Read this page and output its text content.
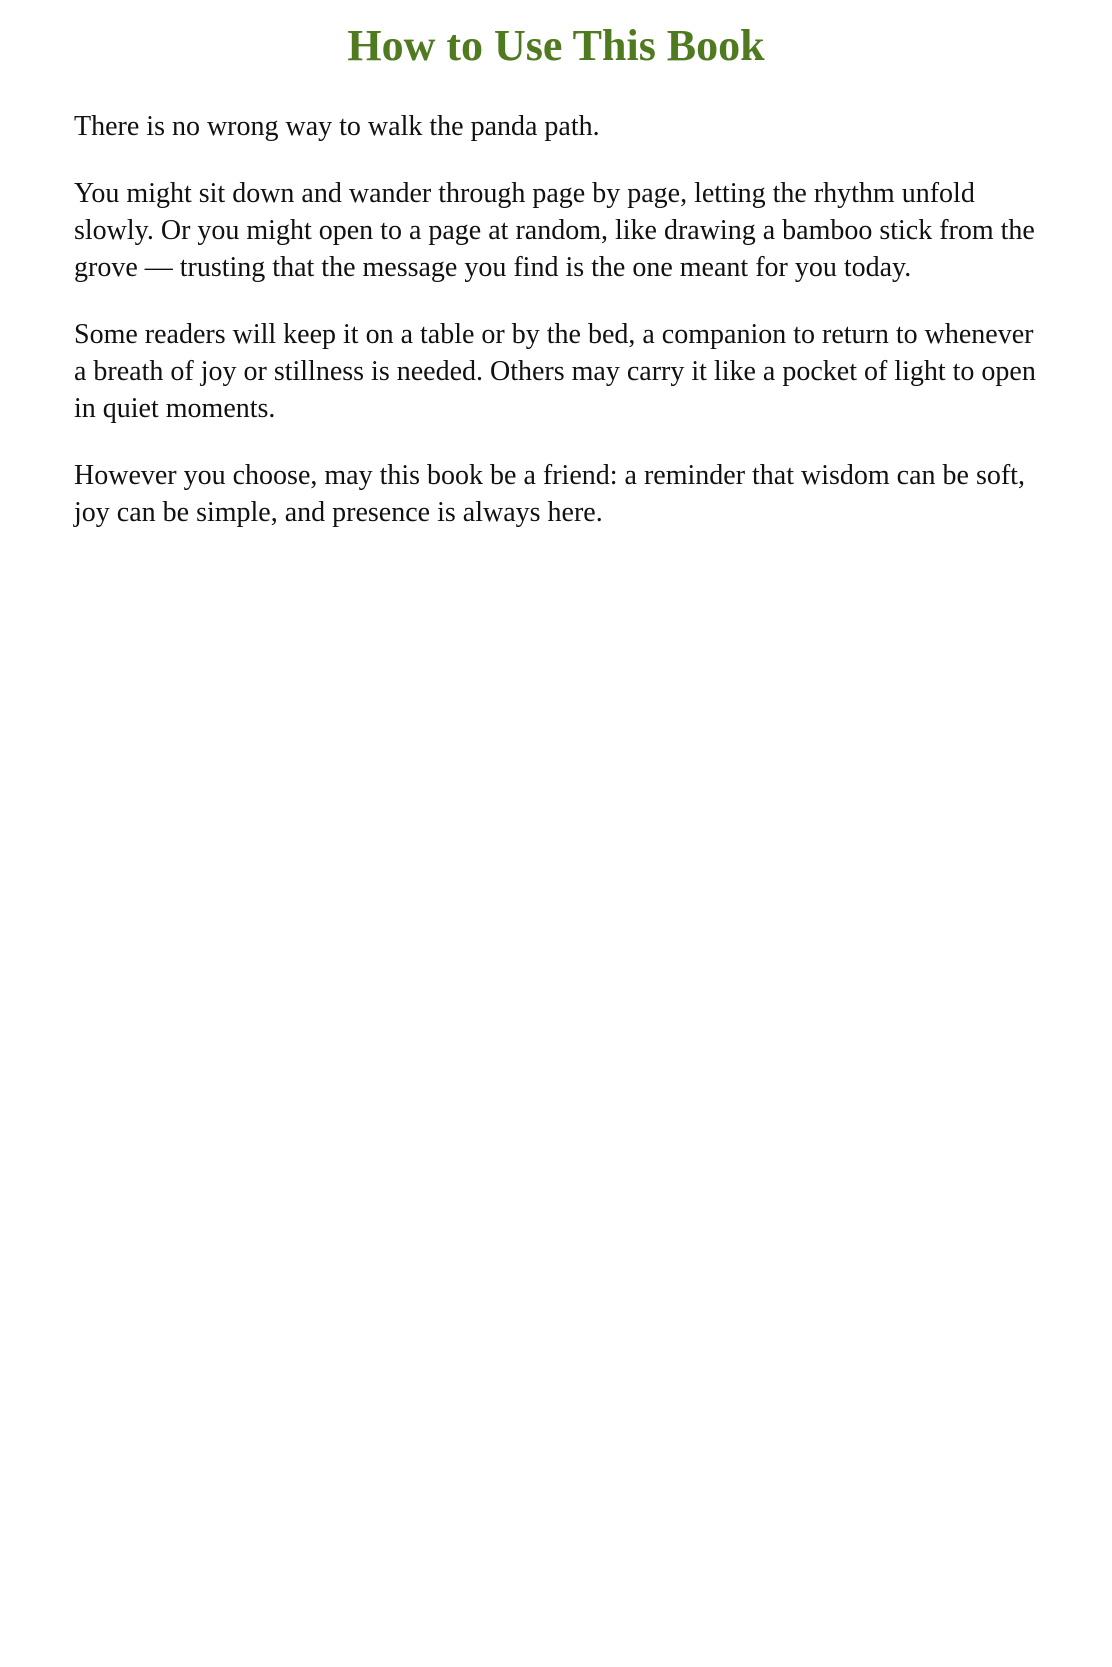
How to Use This Book

There is no wrong way to walk the panda path.

You might sit down and wander through page by page, letting the rhythm unfold slowly. Or you might open to a page at random, like drawing a bamboo stick from the grove — trusting that the message you find is the one meant for you today.

Some readers will keep it on a table or by the bed, a companion to return to whenever a breath of joy or stillness is needed. Others may carry it like a pocket of light to open in quiet moments.

However you choose, may this book be a friend: a reminder that wisdom can be soft, joy can be simple, and presence is always here.
